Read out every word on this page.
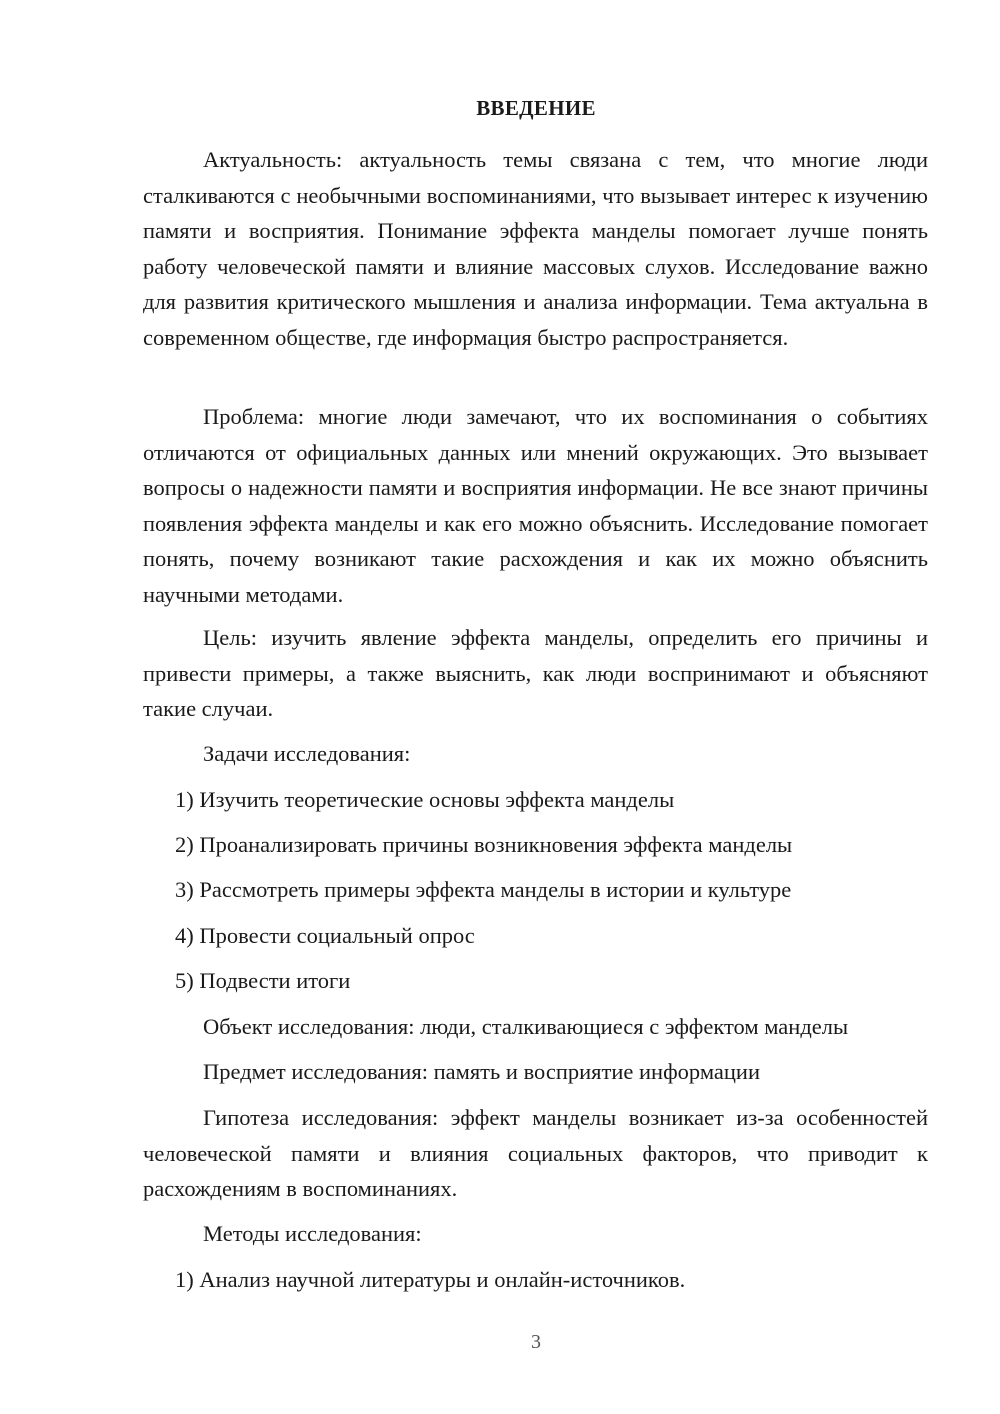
ВВЕДЕНИЕ

Актуальность: актуальность темы связана с тем, что многие люди сталкиваются с необычными воспоминаниями, что вызывает интерес к изучению памяти и восприятия. Понимание эффекта манделы помогает лучше понять работу человеческой памяти и влияние массовых слухов. Исследование важно для развития критического мышления и анализа информации. Тема актуальна в современном обществе, где информация быстро распространяется.

Проблема: многие люди замечают, что их воспоминания о событиях отличаются от официальных данных или мнений окружающих. Это вызывает вопросы о надежности памяти и восприятия информации. Не все знают причины появления эффекта манделы и как его можно объяснить. Исследование помогает понять, почему возникают такие расхождения и как их можно объяснить научными методами.

Цель: изучить явление эффекта манделы, определить его причины и привести примеры, а также выяснить, как люди воспринимают и объясняют такие случаи.

Задачи исследования:

1) Изучить теоретические основы эффекта манделы

2) Проанализировать причины возникновения эффекта манделы

3) Рассмотреть примеры эффекта манделы в истории и культуре

4) Провести социальный опрос

5) Подвести итоги

Объект исследования: люди, сталкивающиеся с эффектом манделы

Предмет исследования: память и восприятие информации

Гипотеза исследования: эффект манделы возникает из-за особенностей человеческой памяти и влияния социальных факторов, что приводит к расхождениям в воспоминаниях.

Методы исследования:

1) Анализ научной литературы и онлайн-источников.

3
